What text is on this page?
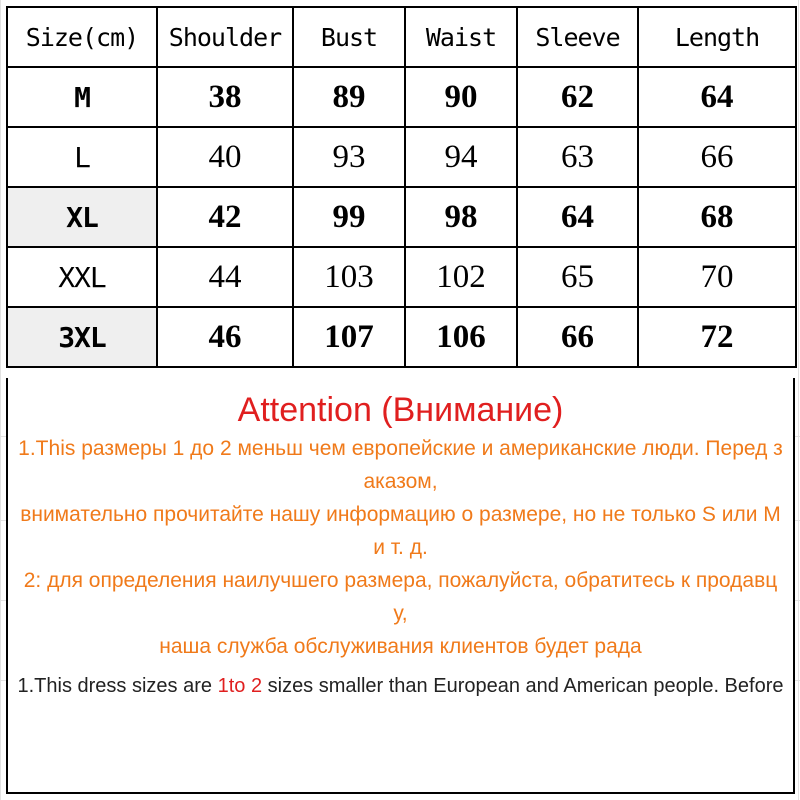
Size(cm)	Shoulder	Bust	Waist	Sleeve	Length
M	38	89	90	62	64
L	40	93	94	63	66
XL	42	99	98	64	68
XXL	44	103	102	65	70
3XL	46	107	106	66	72
Attention (Внимание)
1.This размеры 1 до 2 меньш чем европейские и американские люди. Перед з
аказом,
внимательно прочитайте нашу информацию о размере, но не только S или M
и т. д.
2: для определения наилучшего размера, пожалуйста, обратитесь к продавц
у,
наша служба обслуживания клиентов будет рада
1.This dress sizes are 1to 2 sizes smaller than European and American people. Before
